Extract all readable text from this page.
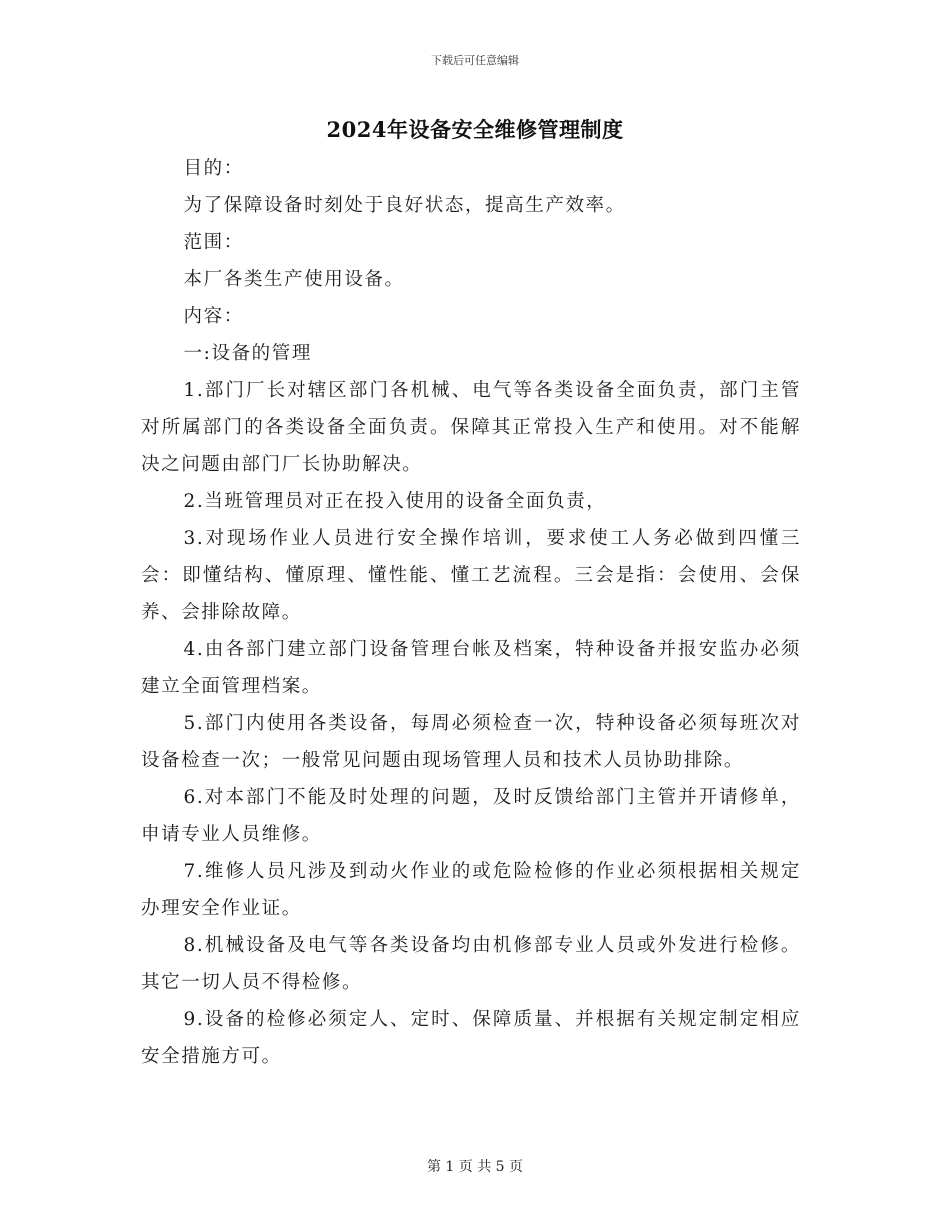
下载后可任意编辑
2024年设备安全维修管理制度

目的：

为了保障设备时刻处于良好状态，提高生产效率。

范围：

本厂各类生产使用设备。

内容：

一:设备的管理

1.部门厂长对辖区部门各机械、电气等各类设备全面负责，部门主管对所属部门的各类设备全面负责。保障其正常投入生产和使用。对不能解决之问题由部门厂长协助解决。

2.当班管理员对正在投入使用的设备全面负责，

3.对现场作业人员进行安全操作培训，要求使工人务必做到四懂三会：即懂结构、懂原理、懂性能、懂工艺流程。三会是指：会使用、会保养、会排除故障。

4.由各部门建立部门设备管理台帐及档案，特种设备并报安监办必须建立全面管理档案。

5.部门内使用各类设备，每周必须检查一次，特种设备必须每班次对设备检查一次；一般常见问题由现场管理人员和技术人员协助排除。

6.对本部门不能及时处理的问题，及时反馈给部门主管并开请修单，申请专业人员维修。

7.维修人员凡涉及到动火作业的或危险检修的作业必须根据相关规定办理安全作业证。

8.机械设备及电气等各类设备均由机修部专业人员或外发进行检修。其它一切人员不得检修。

9.设备的检修必须定人、定时、保障质量、并根据有关规定制定相应安全措施方可。

第 1 页 共 5 页
